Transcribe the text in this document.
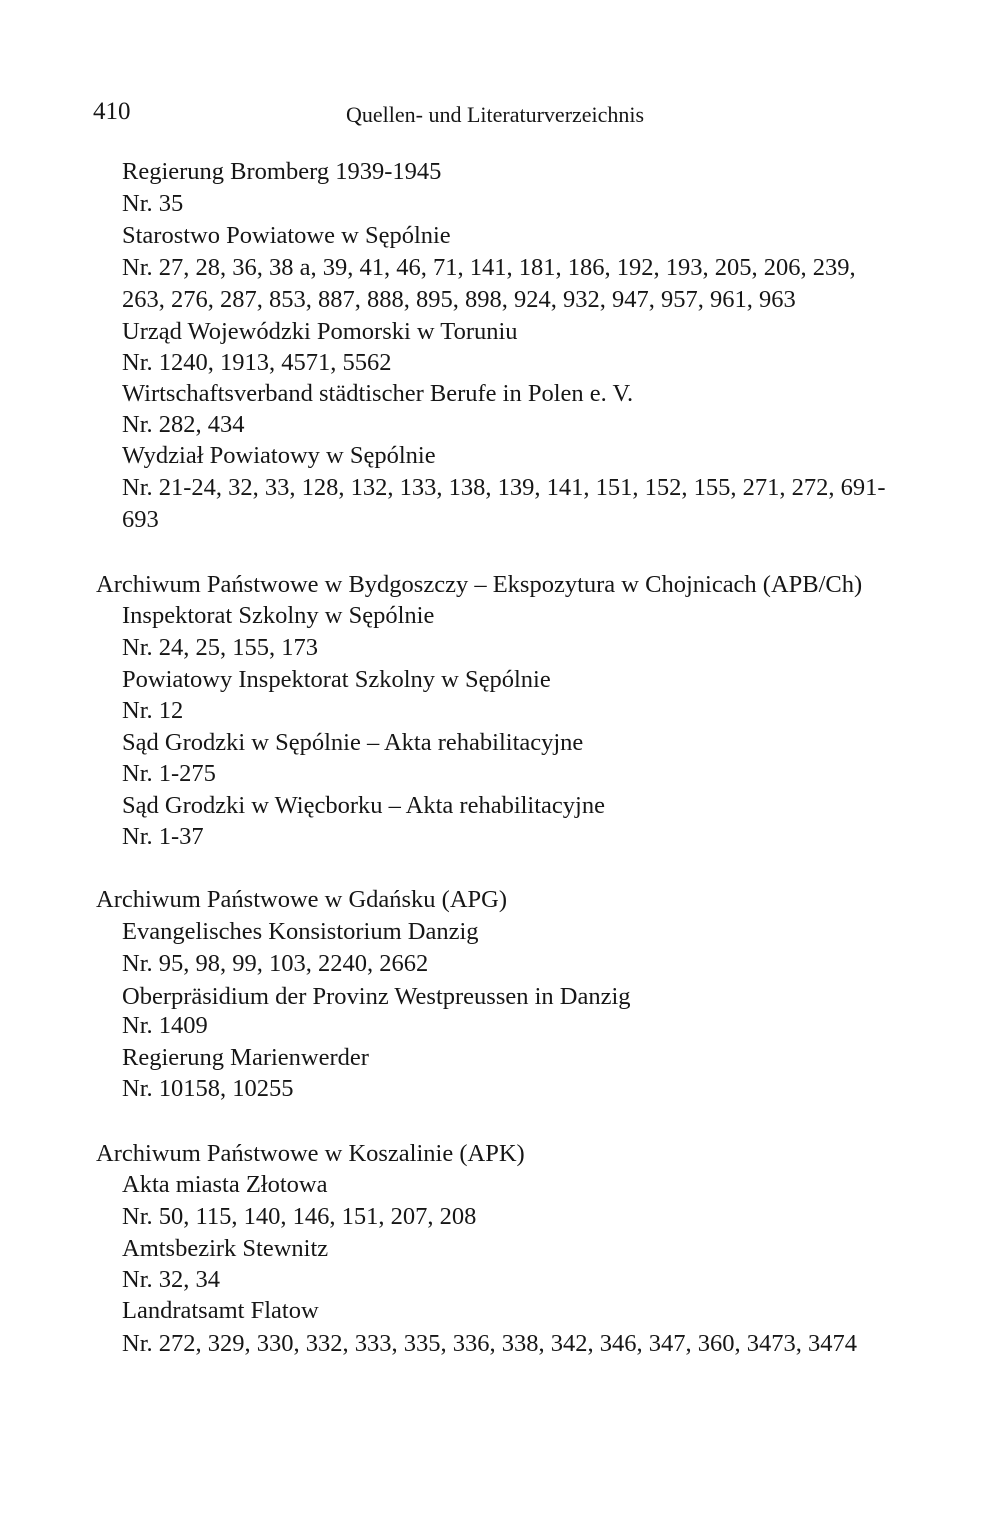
410	Quellen- und Literaturverzeichnis
Regierung Bromberg 1939-1945
Nr. 35
Starostwo Powiatowe w Sępólnie
Nr. 27, 28, 36, 38 a, 39, 41, 46, 71, 141, 181, 186, 192, 193, 205, 206, 239,
263, 276, 287, 853, 887, 888, 895, 898, 924, 932, 947, 957, 961, 963
Urząd Wojewódzki Pomorski w Toruniu
Nr. 1240, 1913, 4571, 5562
Wirtschaftsverband städtischer Berufe in Polen e. V.
Nr. 282, 434
Wydział Powiatowy w Sępólnie
Nr. 21-24, 32, 33, 128, 132, 133, 138, 139, 141, 151, 152, 155, 271, 272, 691-
693
Archiwum Państwowe w Bydgoszczy – Ekspozytura w Chojnicach (APB/Ch)
Inspektorat Szkolny w Sępólnie
Nr. 24, 25, 155, 173
Powiatowy Inspektorat Szkolny w Sępólnie
Nr. 12
Sąd Grodzki w Sępólnie – Akta rehabilitacyjne
Nr. 1-275
Sąd Grodzki w Więcborku – Akta rehabilitacyjne
Nr. 1-37
Archiwum Państwowe w Gdańsku (APG)
Evangelisches Konsistorium Danzig
Nr. 95, 98, 99, 103, 2240, 2662
Oberpräsidium der Provinz Westpreussen in Danzig
Nr. 1409
Regierung Marienwerder
Nr. 10158, 10255
Archiwum Państwowe w Koszalinie (APK)
Akta miasta Złotowa
Nr. 50, 115, 140, 146, 151, 207, 208
Amtsbezirk Stewnitz
Nr. 32, 34
Landratsamt Flatow
Nr. 272, 329, 330, 332, 333, 335, 336, 338, 342, 346, 347, 360, 3473, 3474
